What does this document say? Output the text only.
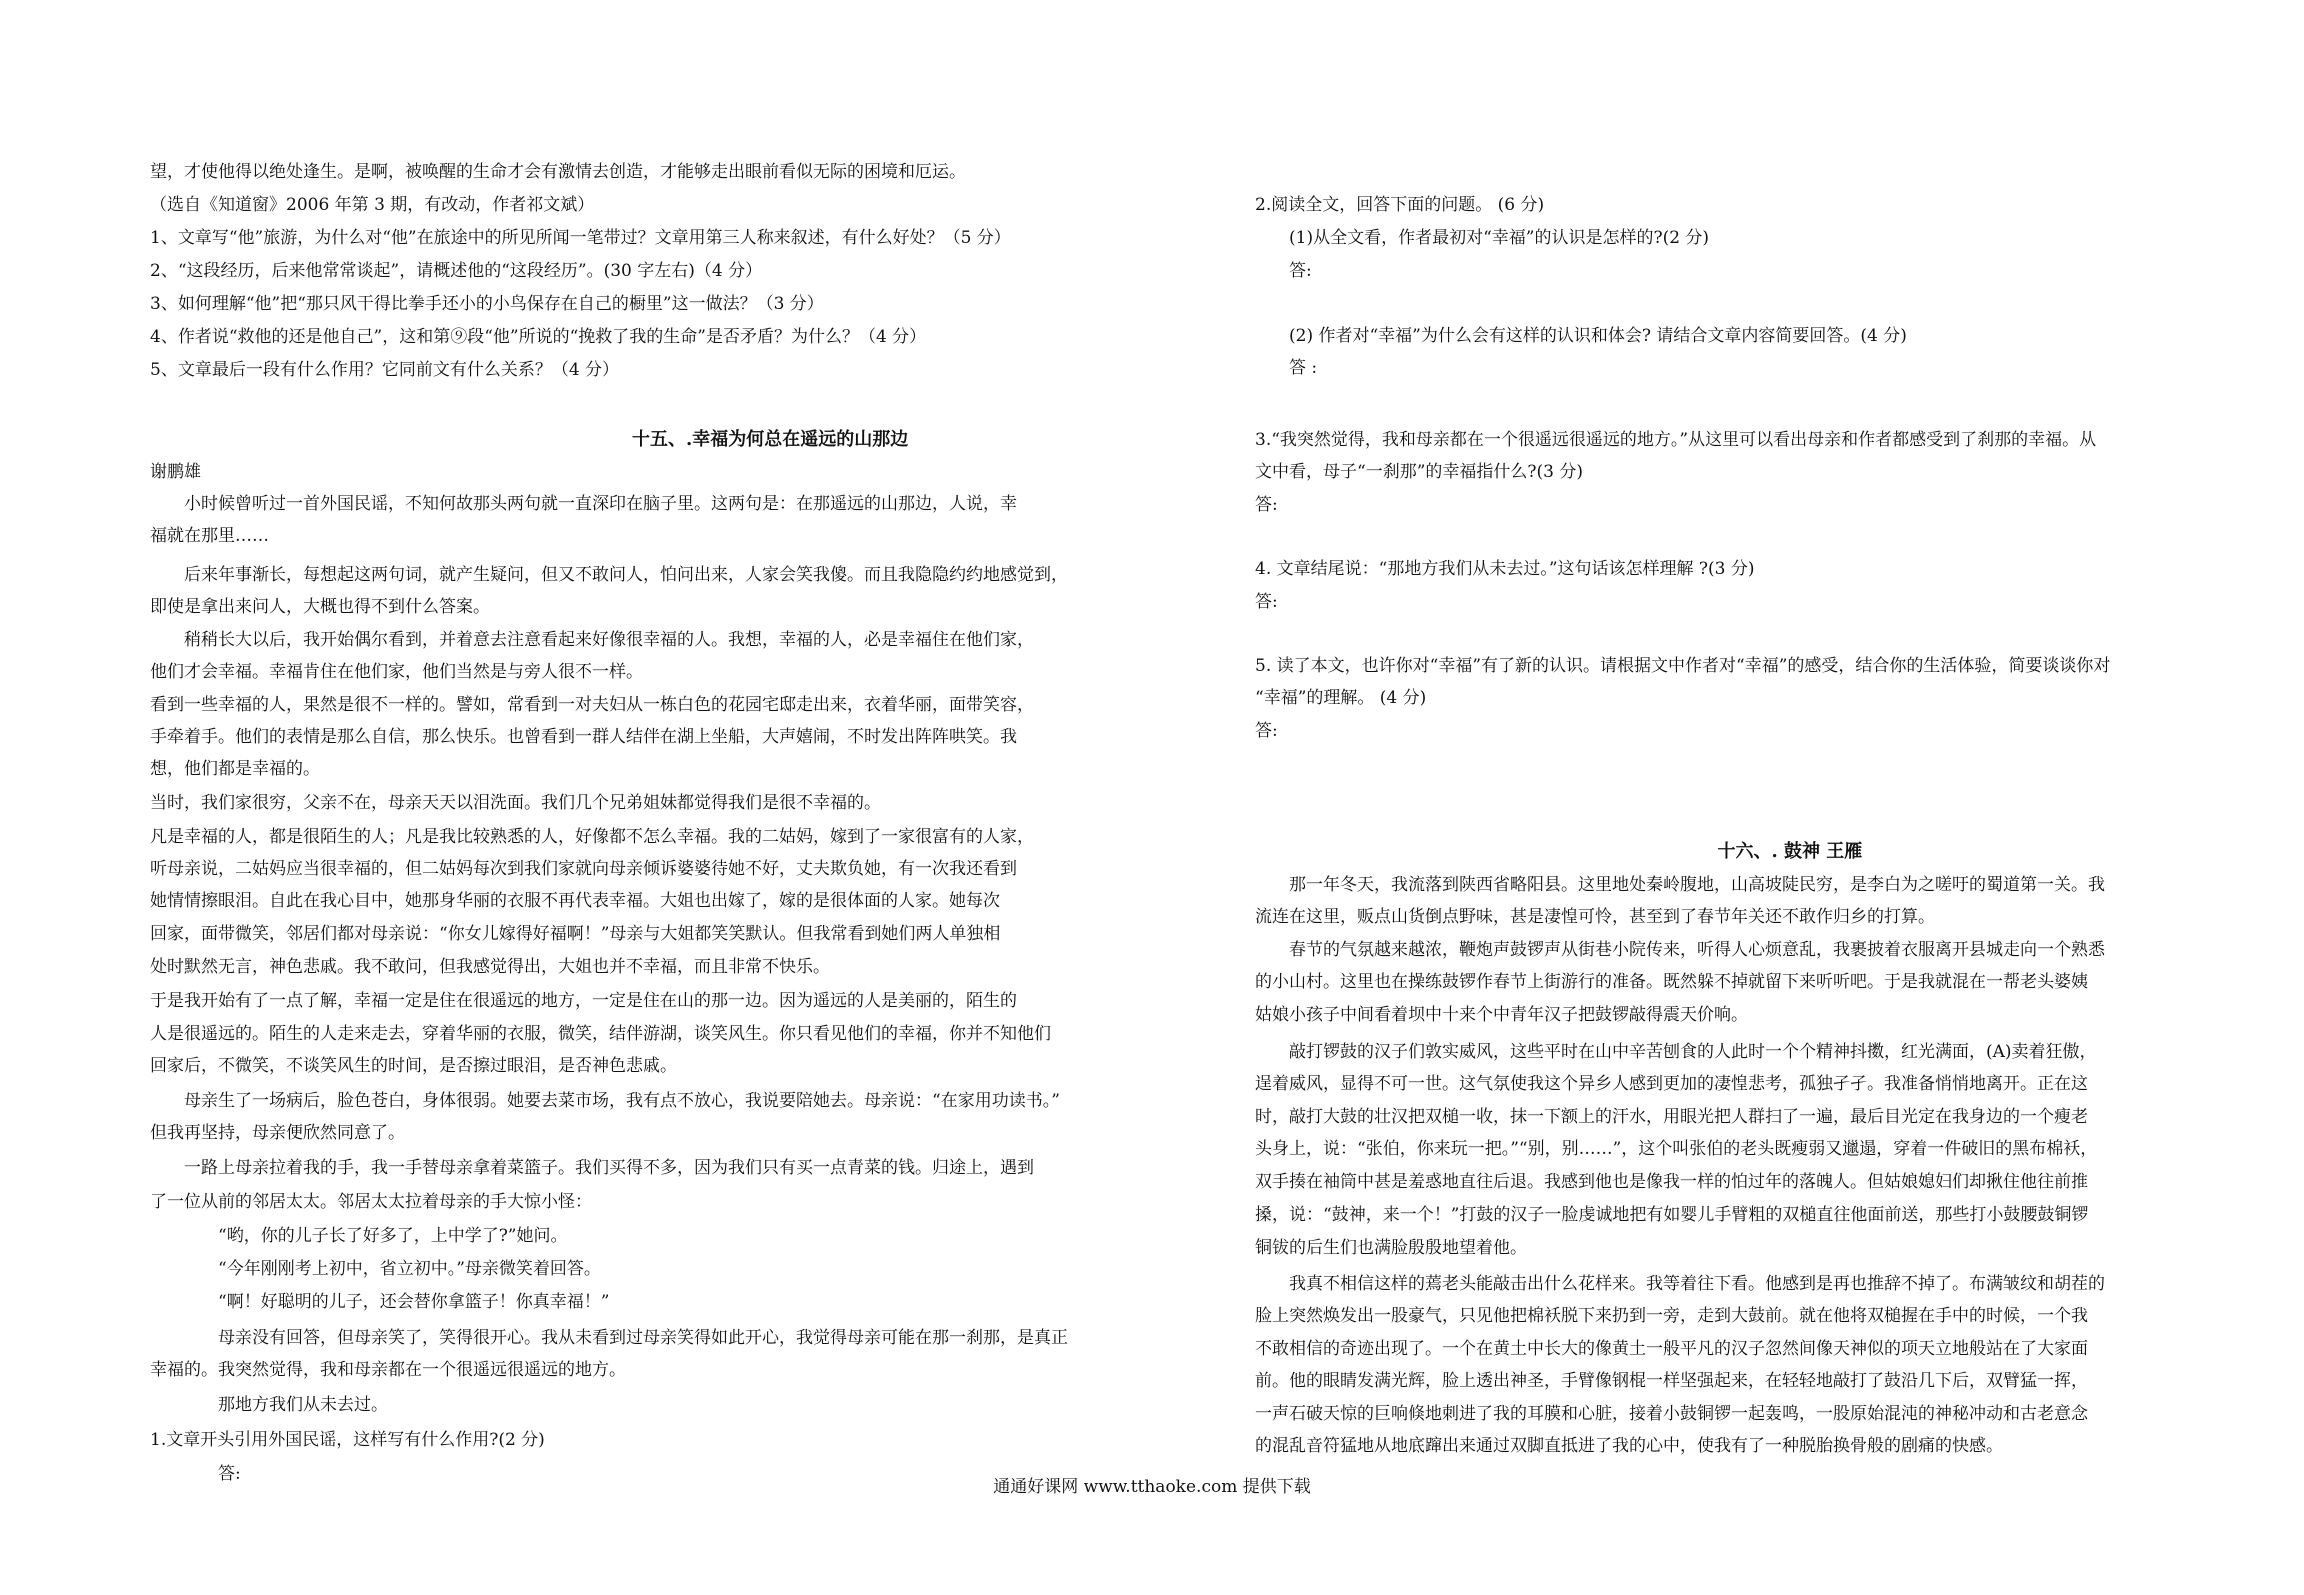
望，才使他得以绝处逢生。是啊，被唤醒的生命才会有激情去创造，才能够走出眼前看似无际的困境和厄运。
（选自《知道窗》2006 年第 3 期，有改动，作者祁文斌）
1、文章写“他”旅游，为什么对“他”在旅途中的所见所闻一笔带过？文章用第三人称来叙述，有什么好处？（5 分）
2、“这段经历，后来他常常谈起”，请概述他的“这段经历”。(30 字左右)（4 分）
3、如何理解“他”把“那只风干得比拳手还小的小鸟保存在自己的橱里”这一做法？（3 分）
4、作者说“救他的还是他自己”，这和第⑨段“他”所说的“挽救了我的生命”是否矛盾？为什么？（4 分）
5、文章最后一段有什么作用？它同前文有什么关系？（4 分）
十五、.幸福为何总在遥远的山那边
谢鹏雄
小时候曾听过一首外国民谣，不知何故那头两句就一直深印在脑子里。这两句是：在那遥远的山那边，人说，幸
福就在那里……
后来年事渐长，每想起这两句词，就产生疑问，但又不敢问人，怕问出来，人家会笑我傻。而且我隐隐约约地感觉到，
即使是拿出来问人，大概也得不到什么答案。
稍稍长大以后，我开始偶尔看到，并着意去注意看起来好像很幸福的人。我想，幸福的人，必是幸福住在他们家，
他们才会幸福。幸福肯住在他们家，他们当然是与旁人很不一样。
看到一些幸福的人，果然是很不一样的。譬如，常看到一对夫妇从一栋白色的花园宅邸走出来，衣着华丽，面带笑容，
手牵着手。他们的表情是那么自信，那么快乐。也曾看到一群人结伴在湖上坐船，大声嬉闹，不时发出阵阵哄笑。我
想，他们都是幸福的。
当时，我们家很穷，父亲不在，母亲天天以泪洗面。我们几个兄弟姐妹都觉得我们是很不幸福的。
凡是幸福的人，都是很陌生的人；凡是我比较熟悉的人，好像都不怎么幸福。我的二姑妈，嫁到了一家很富有的人家，
听母亲说，二姑妈应当很幸福的，但二姑妈每次到我们家就向母亲倾诉婆婆待她不好，丈夫欺负她，有一次我还看到
她情情擦眼泪。自此在我心目中，她那身华丽的衣服不再代表幸福。大姐也出嫁了，嫁的是很体面的人家。她每次
回家，面带微笑，邻居们都对母亲说：“你女儿嫁得好福啊！”母亲与大姐都笑笑默认。但我常看到她们两人单独相
处时默然无言，神色悲戚。我不敢问，但我感觉得出，大姐也并不幸福，而且非常不快乐。
于是我开始有了一点了解，幸福一定是住在很遥远的地方，一定是住在山的那一边。因为遥远的人是美丽的，陌生的
人是很遥远的。陌生的人走来走去，穿着华丽的衣服，微笑，结伴游湖，谈笑风生。你只看见他们的幸福，你并不知他们
回家后，不微笑，不谈笑风生的时间，是否擦过眼泪，是否神色悲戚。
母亲生了一场病后，脸色苍白，身体很弱。她要去菜市场，我有点不放心，我说要陪她去。母亲说：“在家用功读书。”
但我再坚持，母亲便欣然同意了。
一路上母亲拉着我的手，我一手替母亲拿着菜篮子。我们买得不多，因为我们只有买一点青菜的钱。归途上，遇到
了一位从前的邻居太太。邻居太太拉着母亲的手大惊小怪：
“哟，你的儿子长了好多了，上中学了?”她问。
“今年刚刚考上初中，省立初中。”母亲微笑着回答。
“啊！好聪明的儿子，还会替你拿篮子！你真幸福！”
母亲没有回答，但母亲笑了，笑得很开心。我从未看到过母亲笑得如此开心，我觉得母亲可能在那一刹那，是真正
幸福的。我突然觉得，我和母亲都在一个很遥远很遥远的地方。
那地方我们从未去过。
1.文章开头引用外国民谣，这样写有什么作用?(2 分)
答:
2.阅读全文，回答下面的问题。 (6 分)
(1)从全文看，作者最初对“幸福”的认识是怎样的?(2 分)
答:
(2) 作者对“幸福”为什么会有这样的认识和体会? 请结合文章内容简要回答。(4 分)
答 :
3.“我突然觉得，我和母亲都在一个很遥远很遥远的地方。”从这里可以看出母亲和作者都感受到了刹那的幸福。从
文中看，母子“一刹那”的幸福指什么?(3 分)
答:
4. 文章结尾说：“那地方我们从未去过。”这句话该怎样理解 ?(3 分)
答:
5. 读了本文，也许你对“幸福”有了新的认识。请根据文中作者对“幸福”的感受，结合你的生活体验，简要谈谈你对
“幸福”的理解。 (4 分)
答:
十六、. 鼓神 王雁
那一年冬天，我流落到陕西省略阳县。这里地处秦岭腹地，山高坡陡民穷，是李白为之嗟吁的蜀道第一关。我
流连在这里，贩点山货倒点野味，甚是凄惶可怜，甚至到了春节年关还不敢作归乡的打算。
春节的气氛越来越浓，鞭炮声鼓锣声从街巷小院传来，听得人心烦意乱，我裹披着衣服离开县城走向一个熟悉
的小山村。这里也在操练鼓锣作春节上街游行的准备。既然躲不掉就留下来听听吧。于是我就混在一帮老头婆姨
姑娘小孩子中间看着坝中十来个中青年汉子把鼓锣敲得震天价响。
敲打锣鼓的汉子们敦实威风，这些平时在山中辛苦刨食的人此时一个个精神抖擞，红光满面，(A)卖着狂傲，
逞着威风，显得不可一世。这气氛使我这个异乡人感到更加的凄惶悲考，孤独孑孑。我准备悄悄地离开。正在这
时，敲打大鼓的壮汉把双槌一收，抹一下额上的汗水，用眼光把人群扫了一遍，最后目光定在我身边的一个瘦老
头身上，说：“张伯，你来玩一把。”“别，别……”，这个叫张伯的老头既瘦弱又邋遢，穿着一件破旧的黑布棉袄，
双手揍在袖筒中甚是羞惑地直往后退。我感到他也是像我一样的怕过年的落魄人。但姑娘媳妇们却揪住他往前推
搡，说：“鼓神，来一个！”打鼓的汉子一脸虔诚地把有如婴儿手臂粗的双槌直往他面前送，那些打小鼓腰鼓铜锣
铜钹的后生们也满脸殷殷地望着他。
我真不相信这样的蔫老头能敲击出什么花样来。我等着往下看。他感到是再也推辞不掉了。布满皱纹和胡茬的
脸上突然焕发出一股豪气，只见他把棉袄脱下来扔到一旁，走到大鼓前。就在他将双槌握在手中的时候，一个我
不敢相信的奇迹出现了。一个在黄土中长大的像黄土一般平凡的汉子忽然间像天神似的项天立地般站在了大家面
前。他的眼睛发满光辉，脸上透出神圣，手臂像钢棍一样坚强起来，在轻轻地敲打了鼓沿几下后，双臂猛一挥，
一声石破天惊的巨响倏地刺进了我的耳膜和心脏，接着小鼓铜锣一起轰鸣，一股原始混沌的神秘冲动和古老意念
的混乱音符猛地从地底蹿出来通过双脚直抵进了我的心中，使我有了一种脱胎换骨般的剧痛的快感。
通通好课网 www.tthaoke.com 提供下载
